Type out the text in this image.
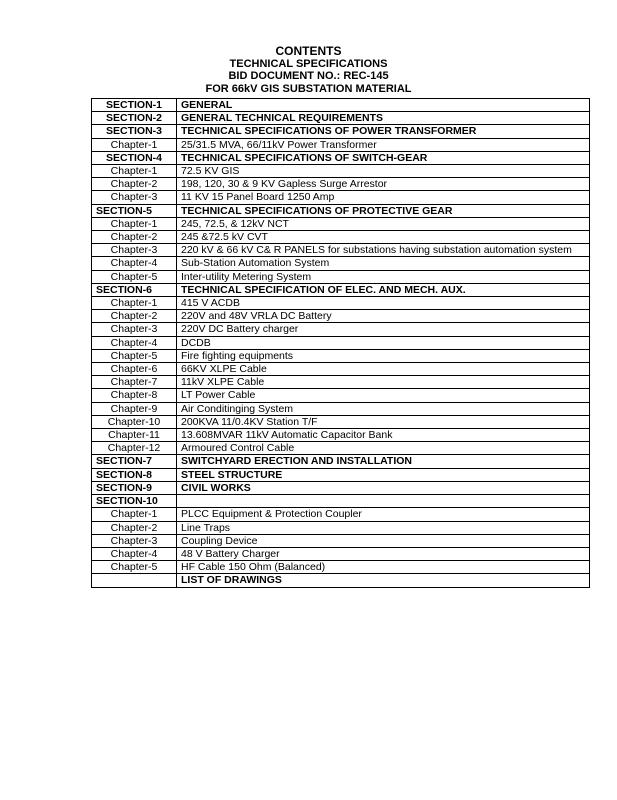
CONTENTS
TECHNICAL SPECIFICATIONS
BID DOCUMENT NO.: REC-145
FOR 66kV GIS SUBSTATION MATERIAL
SECTION-1	GENERAL
SECTION-2	GENERAL TECHNICAL REQUIREMENTS
SECTION-3	TECHNICAL SPECIFICATIONS OF POWER TRANSFORMER
Chapter-1	25/31.5 MVA, 66/11kV Power Transformer
SECTION-4	TECHNICAL SPECIFICATIONS OF SWITCH-GEAR
Chapter-1	72.5 KV GIS
Chapter-2	198, 120, 30 & 9 KV Gapless Surge Arrestor
Chapter-3	11 KV 15 Panel Board 1250 Amp
SECTION-5	TECHNICAL SPECIFICATIONS OF PROTECTIVE GEAR
Chapter-1	245, 72.5, & 12kV NCT
Chapter-2	245 &72.5 kV CVT
Chapter-3	220 kV & 66 kV C& R PANELS for substations having substation automation system
Chapter-4	Sub-Station Automation System
Chapter-5	Inter-utility Metering System
SECTION-6	TECHNICAL SPECIFICATION OF ELEC. AND MECH. AUX.
Chapter-1	415 V ACDB
Chapter-2	220V and 48V VRLA DC Battery
Chapter-3	220V DC Battery charger
Chapter-4	DCDB
Chapter-5	Fire fighting equipments
Chapter-6	66KV XLPE Cable
Chapter-7	11kV XLPE Cable
Chapter-8	LT Power Cable
Chapter-9	Air Conditinging System
Chapter-10	200KVA 11/0.4KV Station T/F
Chapter-11	13.608MVAR 11kV Automatic Capacitor Bank
Chapter-12	Armoured Control Cable
SECTION-7	SWITCHYARD ERECTION AND INSTALLATION
SECTION-8	STEEL STRUCTURE
SECTION-9	CIVIL WORKS
SECTION-10	
Chapter-1	PLCC Equipment & Protection Coupler
Chapter-2	Line Traps
Chapter-3	Coupling Device
Chapter-4	48 V Battery Charger
Chapter-5	HF Cable 150 Ohm (Balanced)
	LIST OF DRAWINGS
